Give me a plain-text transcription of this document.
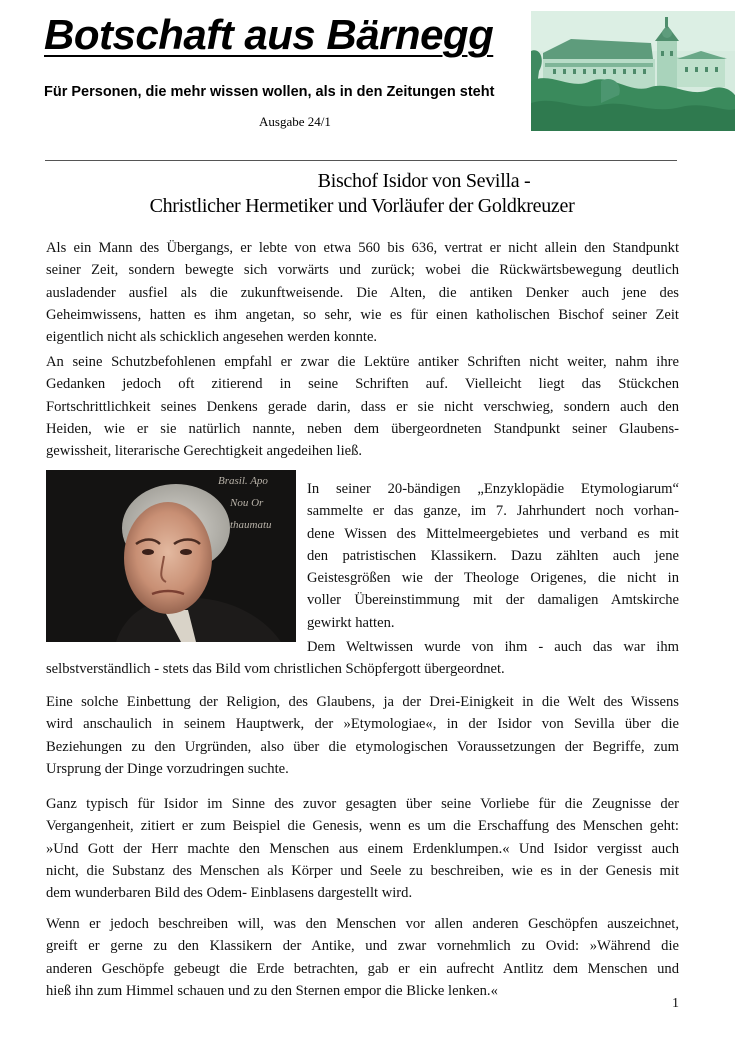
Botschaft aus Bärnegg
Für Personen, die mehr wissen wollen, als in den Zeitungen steht
Ausgabe 24/1
Bischof Isidor von Sevilla -
Christlicher Hermetiker und Vorläufer der Goldkreuzer
Als ein Mann des Übergangs, er lebte von etwa 560 bis 636, vertrat er nicht allein den Standpunkt
seiner Zeit, sondern bewegte sich vorwärts und zurück; wobei die Rückwärtsbewegung deutlich
ausladender ausfiel als die zukunftweisende. Die Alten, die antiken Denker auch jene des
Geheimwissens, hatten es ihm angetan, so sehr, wie es für einen katholischen Bischof seiner Zeit
eigentlich nicht als schicklich angesehen werden konnte.
An seine Schutzbefohlenen empfahl er zwar die Lektüre antiker Schriften nicht weiter, nahm ihre
Gedanken jedoch oft zitierend in seine Schriften auf. Vielleicht liegt das Stückchen
Fortschrittlichkeit seines Denkens gerade darin, dass er sie nicht verschwieg, sondern auch den
Heiden, wie er sie natürlich nannte, neben dem übergeordneten Standpunkt seiner Glaubens-
gewissheit, literarische Gerechtigkeit angedeihen ließ.
Brasil. Apo
Nou Or
thaumatu
In seiner 20-bändigen „Enzyklopädie Etymologiarum“
sammelte er das ganze, im 7. Jahrhundert noch vorhan-
dene Wissen des Mittelmeergebietes und verband es mit
den patristischen Klassikern. Dazu zählten auch jene
Geistesgrößen wie der Theologe Origenes, die nicht in
voller Übereinstimmung mit der damaligen Amtskirche
gewirkt hatten.
Dem Weltwissen wurde von ihm - auch das war ihm
selbstverständlich - stets das Bild vom christlichen Schöpfergott übergeordnet.
Eine solche Einbettung der Religion, des Glaubens, ja der Drei-Einigkeit in die Welt des Wissens
wird anschaulich in seinem Hauptwerk, der »Etymologiae«, in der Isidor von Sevilla über die
Beziehungen zu den Urgründen, also über die etymologischen Voraussetzungen der Begriffe, zum
Ursprung der Dinge vorzudringen suchte.
Ganz typisch für Isidor im Sinne des zuvor gesagten über seine Vorliebe für die Zeugnisse der
Vergangenheit, zitiert er zum Beispiel die Genesis, wenn es um die Erschaffung des Menschen geht:
»Und Gott der Herr machte den Menschen aus einem Erdenklumpen.« Und Isidor vergisst auch
nicht, die Substanz des Menschen als Körper und Seele zu beschreiben, wie es in der Genesis mit
dem wunderbaren Bild des Odem- Einblasens dargestellt wird.
Wenn er jedoch beschreiben will, was den Menschen vor allen anderen Geschöpfen auszeichnet,
greift er gerne zu den Klassikern der Antike, und zwar vornehmlich zu Ovid: »Während die
anderen Geschöpfe gebeugt die Erde betrachten, gab er ein aufrecht Antlitz dem Menschen und
hieß ihn zum Himmel schauen und zu den Sternen empor die Blicke lenken.«
1
